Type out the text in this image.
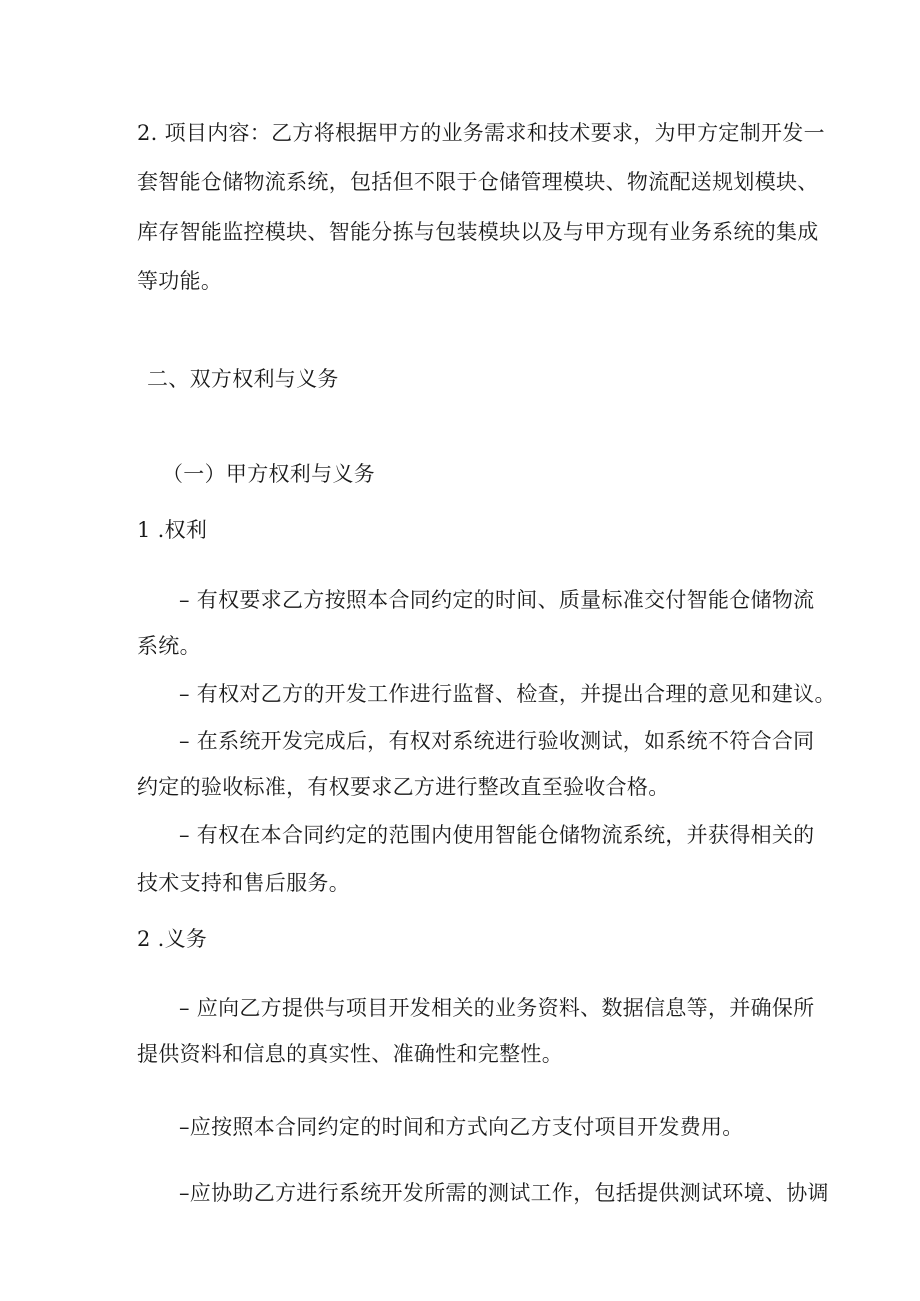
2. 项目内容：乙方将根据甲方的业务需求和技术要求，为甲方定制开发一
套智能仓储物流系统，包括但不限于仓储管理模块、物流配送规划模块、
库存智能监控模块、智能分拣与包装模块以及与甲方现有业务系统的集成
等功能。
二、双方权利与义务
（一）甲方权利与义务
1 .权利
– 有权要求乙方按照本合同约定的时间、质量标准交付智能仓储物流
系统。
– 有权对乙方的开发工作进行监督、检查，并提出合理的意见和建议。
– 在系统开发完成后，有权对系统进行验收测试，如系统不符合合同
约定的验收标准，有权要求乙方进行整改直至验收合格。
– 有权在本合同约定的范围内使用智能仓储物流系统，并获得相关的
技术支持和售后服务。
2 .义务
– 应向乙方提供与项目开发相关的业务资料、数据信息等，并确保所
提供资料和信息的真实性、准确性和完整性。
–应按照本合同约定的时间和方式向乙方支付项目开发费用。
–应协助乙方进行系统开发所需的测试工作，包括提供测试环境、协调
